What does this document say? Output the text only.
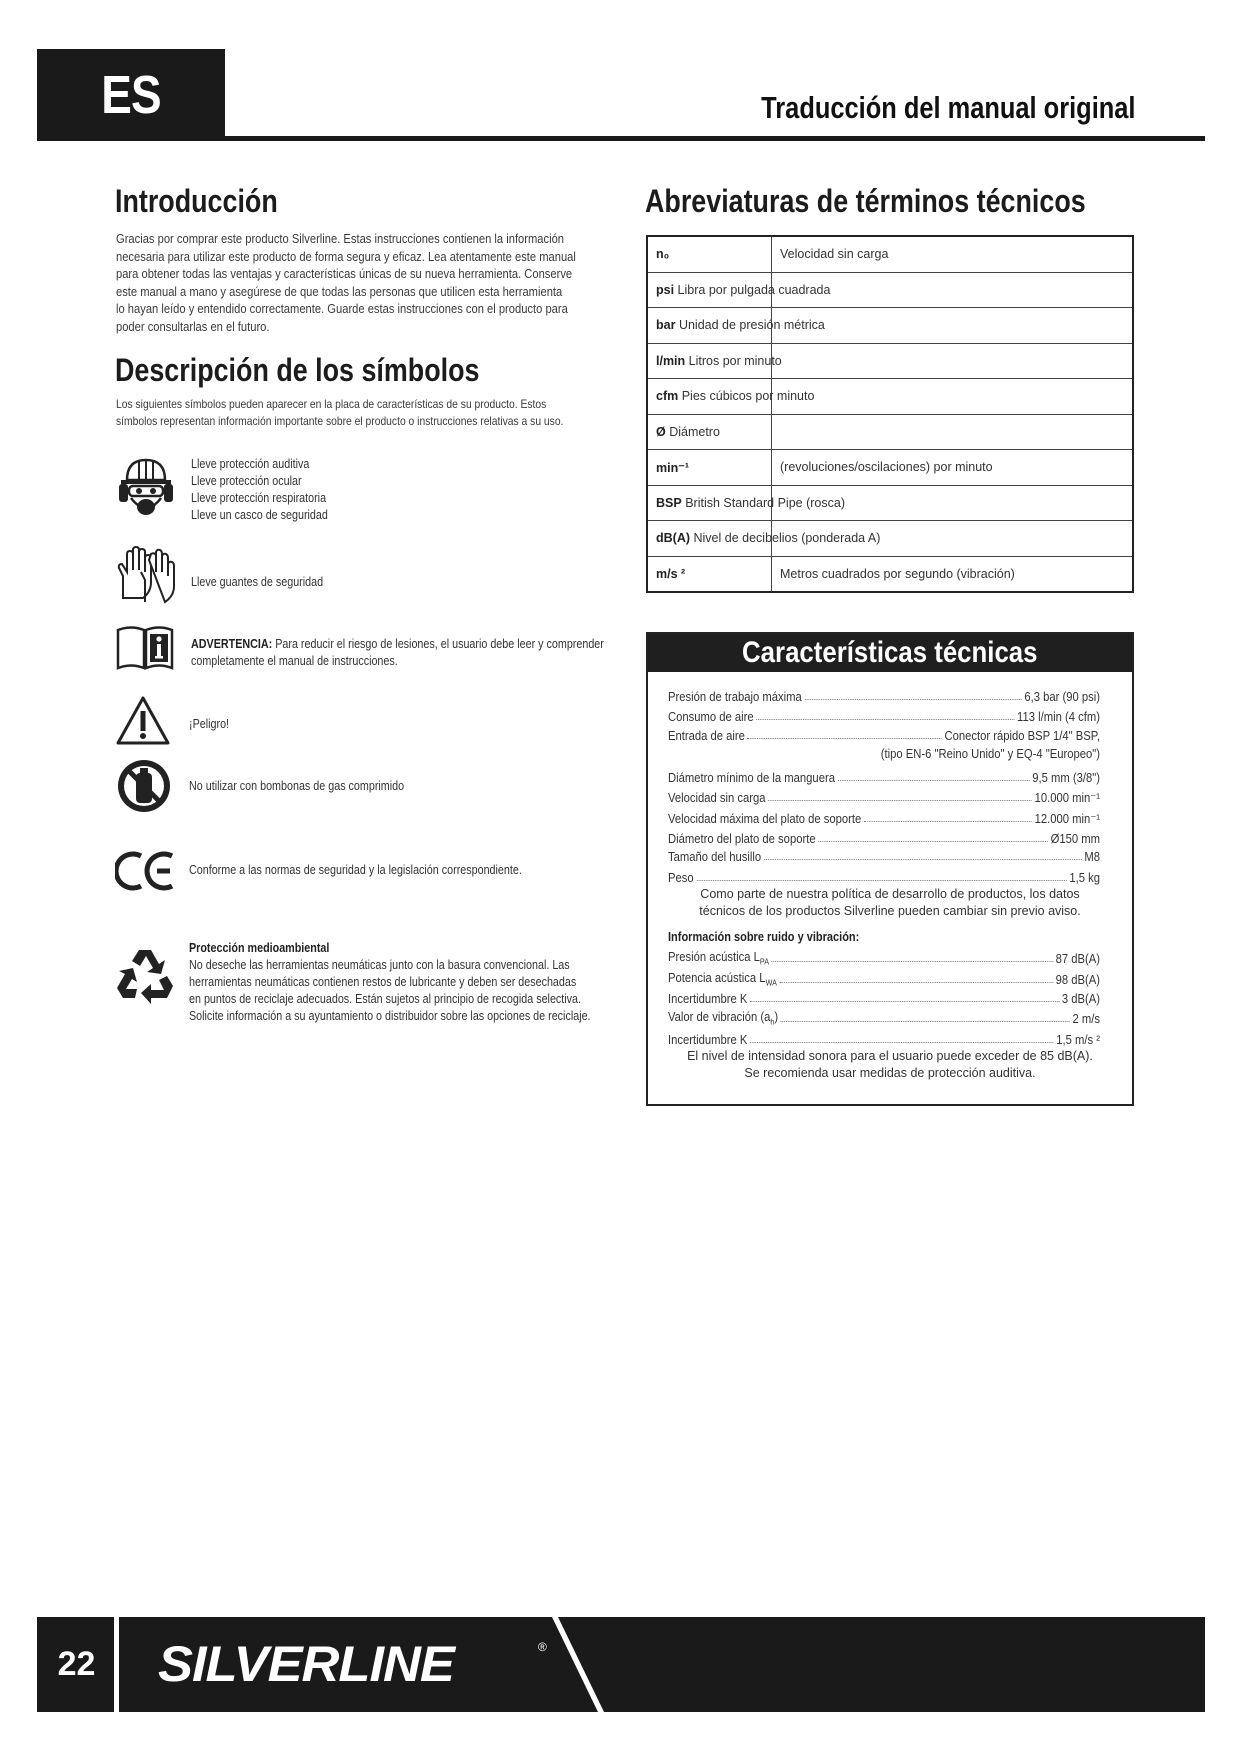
ES	Traducción del manual original
Introducción
Gracias por comprar este producto Silverline. Estas instrucciones contienen la información
necesaria para utilizar este producto de forma segura y eficaz. Lea atentamente este manual
para obtener todas las ventajas y características únicas de su nueva herramienta. Conserve
este manual a mano y asegúrese de que todas las personas que utilicen esta herramienta
lo hayan leído y entendido correctamente. Guarde estas instrucciones con el producto para
poder consultarlas en el futuro.
Descripción de los símbolos
Los siguientes símbolos pueden aparecer en la placa de características de su producto. Estos
símbolos representan información importante sobre el producto o instrucciones relativas a su uso.
Lleve protección auditiva
Lleve protección ocular
Lleve protección respiratoria
Lleve un casco de seguridad
Lleve guantes de seguridad
ADVERTENCIA: Para reducir el riesgo de lesiones, el usuario debe leer y comprender
completamente el manual de instrucciones.
¡Peligro!
No utilizar con bombonas de gas comprimido
Conforme a las normas de seguridad y la legislación correspondiente.
Protección medioambiental
No deseche las herramientas neumáticas junto con la basura convencional. Las
herramientas neumáticas contienen restos de lubricante y deben ser desechadas
en puntos de reciclaje adecuados. Están sujetos al principio de recogida selectiva.
Solicite información a su ayuntamiento o distribuidor sobre las opciones de reciclaje.
Abreviaturas de términos técnicos
n₀	Velocidad sin carga
psi Libra por pulgada cuadrada	
bar Unidad de presión métrica	
l/min Litros por minuto	
cfm Pies cúbicos por minuto	
Ø Diámetro	
min⁻¹	(revoluciones/oscilaciones) por minuto
BSP British Standard Pipe (rosca)	
dB(A) Nivel de decibelios (ponderada A)	
m/s ²	Metros cuadrados por segundo (vibración)
Características técnicas
Presión de trabajo máxima	6,3 bar (90 psi)
Consumo de aire	113 l/min (4 cfm)
Entrada de aire	Conector rápido BSP 1/4" BSP,
(tipo EN-6 "Reino Unido" y EQ-4 "Europeo")
Diámetro mínimo de la manguera	9,5 mm (3/8")
Velocidad sin carga	10.000 min⁻¹
Velocidad máxima del plato de soporte	12.000 min⁻¹
Diámetro del plato de soporte	Ø150 mm
Tamaño del husillo	M8
Peso	1,5 kg
Como parte de nuestra política de desarrollo de productos, los datos
técnicos de los productos Silverline pueden cambiar sin previo aviso.
Información sobre ruido y vibración:
Presión acústica $L_{PA}$	87 dB(A)
Potencia acústica $L_{WA}$	98 dB(A)
Incertidumbre K	3 dB(A)
Valor de vibración $(a_h)$	2 m/s
Incertidumbre K	1,5 m/s ²
El nivel de intensidad sonora para el usuario puede exceder de 85 dB(A).
Se recomienda usar medidas de protección auditiva.
22	SILVERLINE	®
